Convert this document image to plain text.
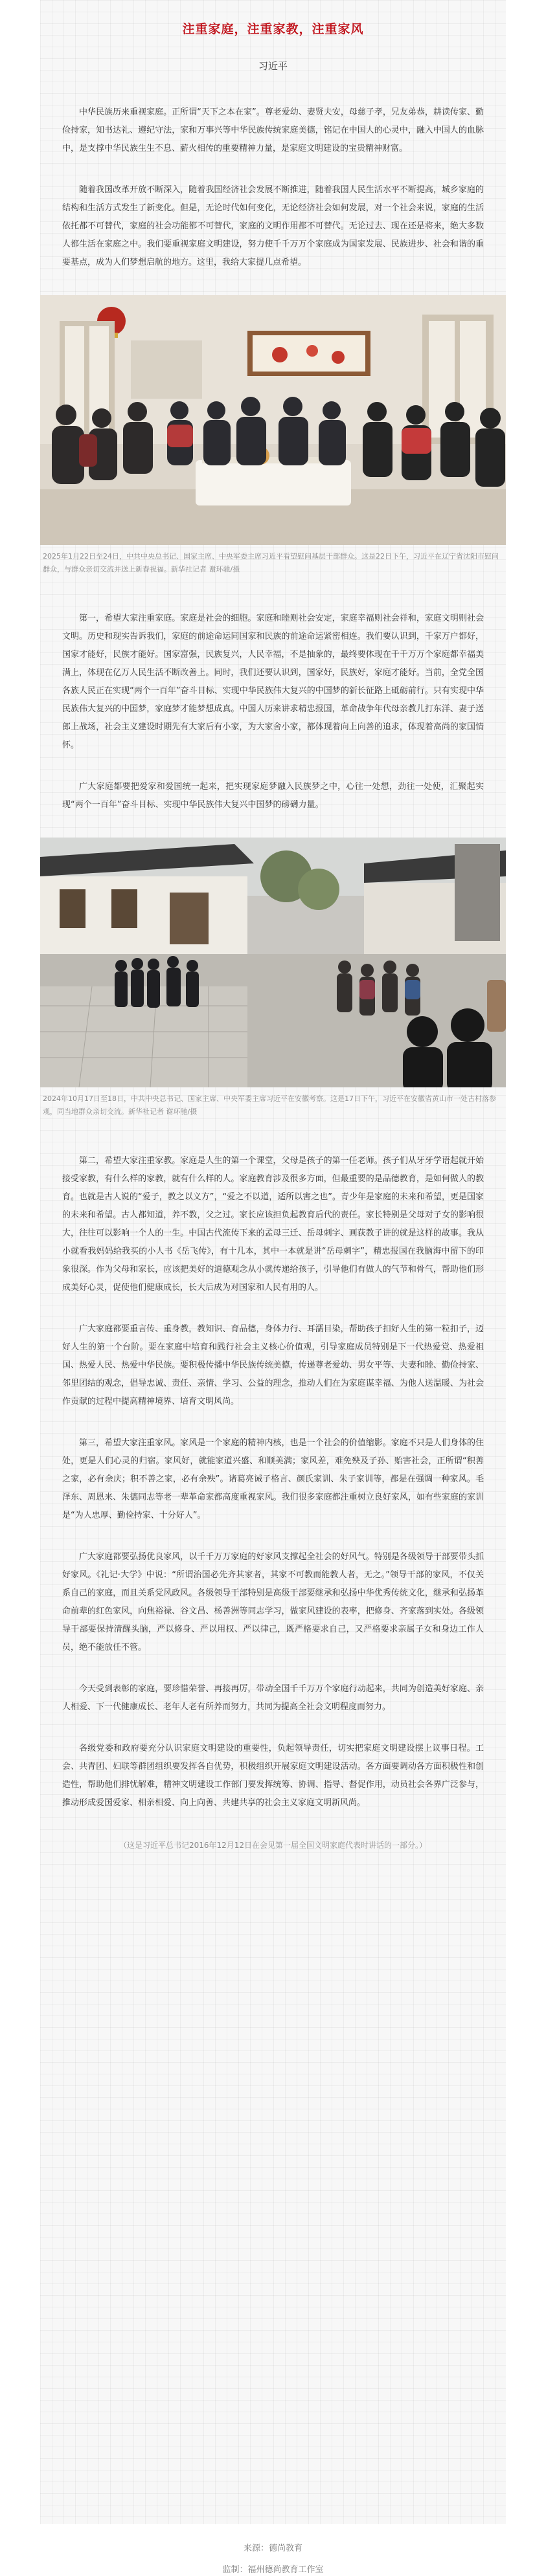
注重家庭，注重家教，注重家风
习近平

中华民族历来重视家庭。正所谓“天下之本在家”。尊老爱幼、妻贤夫安，母慈子孝，兄友弟恭，耕读传家、勤俭持家，知书达礼、遵纪守法，家和万事兴等中华民族传统家庭美德，铭记在中国人的心灵中，融入中国人的血脉中，是支撑中华民族生生不息、薪火相传的重要精神力量，是家庭文明建设的宝贵精神财富。

随着我国改革开放不断深入，随着我国经济社会发展不断推进，随着我国人民生活水平不断提高，城乡家庭的结构和生活方式发生了新变化。但是，无论时代如何变化，无论经济社会如何发展，对一个社会来说，家庭的生活依托都不可替代，家庭的社会功能都不可替代，家庭的文明作用都不可替代。无论过去、现在还是将来，绝大多数人都生活在家庭之中。我们要重视家庭文明建设，努力使千千万万个家庭成为国家发展、民族进步、社会和谐的重要基点，成为人们梦想启航的地方。这里，我给大家提几点希望。

2025年1月22日至24日，中共中央总书记、国家主席、中央军委主席习近平看望慰问基层干部群众。这是22日下午，习近平在辽宁省沈阳市慰问群众，与群众亲切交流并送上新春祝福。新华社记者 谢环驰/摄

第一，希望大家注重家庭。家庭是社会的细胞。家庭和睦则社会安定，家庭幸福则社会祥和，家庭文明则社会文明。历史和现实告诉我们，家庭的前途命运同国家和民族的前途命运紧密相连。我们要认识到，千家万户都好，国家才能好，民族才能好。国家富强，民族复兴，人民幸福，不是抽象的，最终要体现在千千万万个家庭都幸福美满上，体现在亿万人民生活不断改善上。同时，我们还要认识到，国家好，民族好，家庭才能好。当前，全党全国各族人民正在实现“两个一百年”奋斗目标、实现中华民族伟大复兴的中国梦的新长征路上砥砺前行。只有实现中华民族伟大复兴的中国梦，家庭梦才能梦想成真。中国人历来讲求精忠报国，革命战争年代母亲教儿打东洋、妻子送郎上战场，社会主义建设时期先有大家后有小家，为大家舍小家，都体现着向上向善的追求，体现着高尚的家国情怀。

广大家庭都要把爱家和爱国统一起来，把实现家庭梦融入民族梦之中，心往一处想，劲往一处使，汇聚起实现“两个一百年”奋斗目标、实现中华民族伟大复兴中国梦的磅礴力量。

2024年10月17日至18日，中共中央总书记、国家主席、中央军委主席习近平在安徽考察。这是17日下午，习近平在安徽省黄山市一处古村落参观，同当地群众亲切交流。新华社记者 谢环驰/摄

第二，希望大家注重家教。家庭是人生的第一个课堂，父母是孩子的第一任老师。孩子们从牙牙学语起就开始接受家教，有什么样的家教，就有什么样的人。家庭教育涉及很多方面，但最重要的是品德教育，是如何做人的教育。也就是古人说的“爱子，教之以义方”，“爱之不以道，适所以害之也”。青少年是家庭的未来和希望，更是国家的未来和希望。古人都知道，养不教，父之过。家长应该担负起教育后代的责任。家长特别是父母对子女的影响很大，往往可以影响一个人的一生。中国古代流传下来的孟母三迁、岳母刺字、画荻教子讲的就是这样的故事。我从小就看我妈妈给我买的小人书《岳飞传》，有十几本，其中一本就是讲“岳母刺字”，精忠报国在我脑海中留下的印象很深。作为父母和家长，应该把美好的道德观念从小就传递给孩子，引导他们有做人的气节和骨气，帮助他们形成美好心灵，促使他们健康成长，长大后成为对国家和人民有用的人。

广大家庭都要重言传、重身教，教知识、育品德，身体力行、耳濡目染，帮助孩子扣好人生的第一粒扣子，迈好人生的第一个台阶。要在家庭中培育和践行社会主义核心价值观，引导家庭成员特别是下一代热爱党、热爱祖国、热爱人民、热爱中华民族。要积极传播中华民族传统美德，传递尊老爱幼、男女平等、夫妻和睦、勤俭持家、邻里团结的观念，倡导忠诚、责任、亲情、学习、公益的理念，推动人们在为家庭谋幸福、为他人送温暖、为社会作贡献的过程中提高精神境界、培育文明风尚。

第三，希望大家注重家风。家风是一个家庭的精神内核，也是一个社会的价值缩影。家庭不只是人们身体的住处，更是人们心灵的归宿。家风好，就能家道兴盛、和顺美满；家风差，难免殃及子孙、贻害社会，正所谓“积善之家，必有余庆；积不善之家，必有余殃”。诸葛亮诫子格言、颜氏家训、朱子家训等，都是在强调一种家风。毛泽东、周恩来、朱德同志等老一辈革命家都高度重视家风。我们很多家庭都注重树立良好家风，如有些家庭的家训是“为人忠厚、勤俭持家、十分好人”。

广大家庭都要弘扬优良家风，以千千万万家庭的好家风支撑起全社会的好风气。特别是各级领导干部要带头抓好家风。《礼记·大学》中说：“所谓治国必先齐其家者，其家不可教而能教人者，无之。”领导干部的家风，不仅关系自己的家庭，而且关系党风政风。各级领导干部特别是高级干部要继承和弘扬中华优秀传统文化，继承和弘扬革命前辈的红色家风，向焦裕禄、谷文昌、杨善洲等同志学习，做家风建设的表率，把修身、齐家落到实处。各级领导干部要保持清醒头脑，严以修身、严以用权、严以律己，既严格要求自己，又严格要求亲属子女和身边工作人员，绝不能放任不管。

今天受到表彰的家庭，要珍惜荣誉、再接再厉，带动全国千千万万个家庭行动起来，共同为创造美好家庭、亲人相爱、下一代健康成长、老年人老有所养而努力，共同为提高全社会文明程度而努力。

各级党委和政府要充分认识家庭文明建设的重要性，负起领导责任，切实把家庭文明建设摆上议事日程。工会、共青团、妇联等群团组织要发挥各自优势，积极组织开展家庭文明建设活动。各方面要调动各方面积极性和创造性，帮助他们排忧解难，精神文明建设工作部门要发挥统筹、协调、指导、督促作用，动员社会各界广泛参与，推动形成爱国爱家、相亲相爱、向上向善、共建共享的社会主义家庭文明新风尚。

（这是习近平总书记2016年12月12日在会见第一届全国文明家庭代表时讲话的一部分。）
来源：德尚教育
监制：福州德尚教育工作室
